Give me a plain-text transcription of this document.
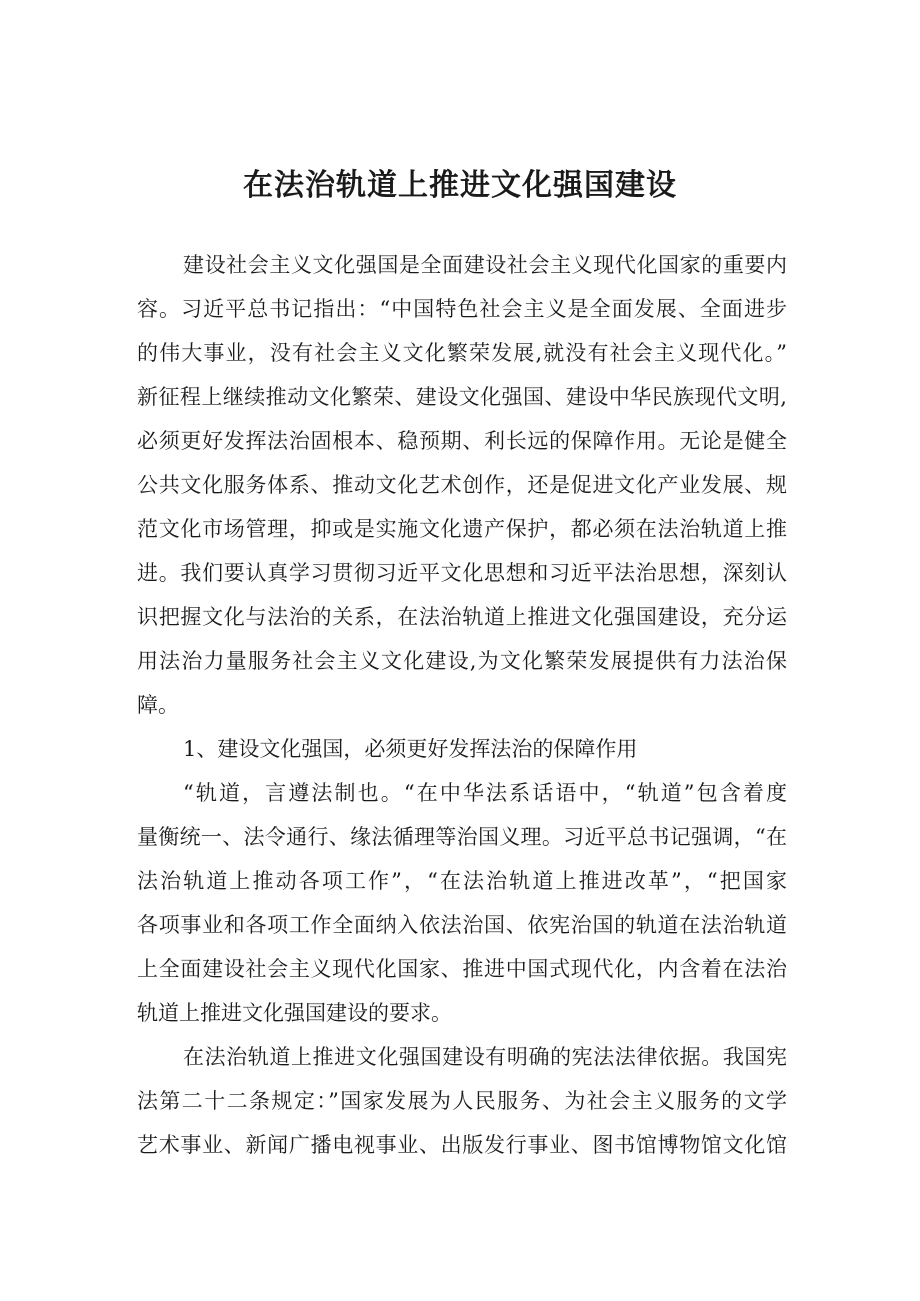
在法治轨道上推进文化强国建设
建设社会主义文化强国是全面建设社会主义现代化国家的重要内
容。习近平总书记指出：“中国特色社会主义是全面发展、全面进步
的伟大事业，没有社会主义文化繁荣发展,就没有社会主义现代化。”
新征程上继续推动文化繁荣、建设文化强国、建设中华民族现代文明,
必须更好发挥法治固根本、稳预期、利长远的保障作用。无论是健全
公共文化服务体系、推动文化艺术创作，还是促进文化产业发展、规
范文化市场管理，抑或是实施文化遗产保护，都必须在法治轨道上推
进。我们要认真学习贯彻习近平文化思想和习近平法治思想，深刻认
识把握文化与法治的关系，在法治轨道上推进文化强国建设，充分运
用法治力量服务社会主义文化建设,为文化繁荣发展提供有力法治保
障。
1、建设文化强国，必须更好发挥法治的保障作用
“轨道，言遵法制也。“在中华法系话语中，“轨道”包含着度
量衡统一、法令通行、缘法循理等治国义理。习近平总书记强调，“在
法治轨道上推动各项工作”，“在法治轨道上推进改革”，“把国家
各项事业和各项工作全面纳入依法治国、依宪治国的轨道在法治轨道
上全面建设社会主义现代化国家、推进中国式现代化，内含着在法治
轨道上推进文化强国建设的要求。
在法治轨道上推进文化强国建设有明确的宪法法律依据。我国宪
法第二十二条规定：”国家发展为人民服务、为社会主义服务的文学
艺术事业、新闻广播电视事业、出版发行事业、图书馆博物馆文化馆
